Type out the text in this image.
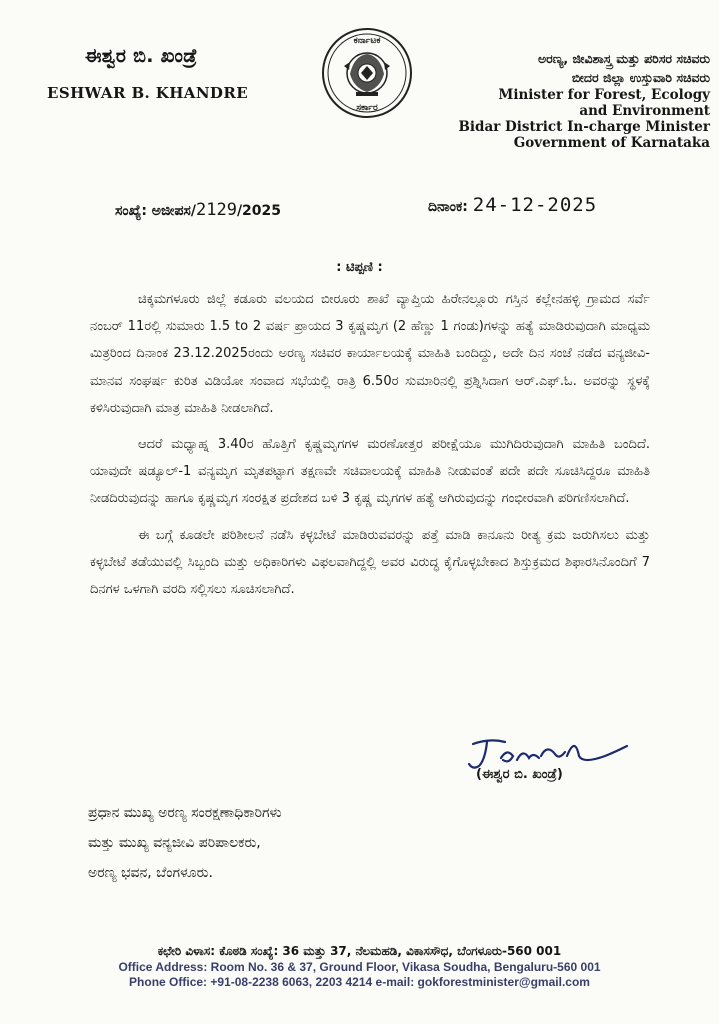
ಈಶ್ವರ ಬಿ. ಖಂಡ್ರೆ
ESHWAR B. KHANDRE
ಕರ್ನಾಟಕ
ಸರ್ಕಾರ
ಅರಣ್ಯ, ಜೀವಿಶಾಸ್ತ್ರ ಮತ್ತು ಪರಿಸರ ಸಚಿವರು
ಬೀದರ ಜಿಲ್ಲಾ ಉಸ್ತುವಾರಿ ಸಚಿವರು
Minister for Forest, Ecology
and Environment
Bidar District In-charge Minister
Government of Karnataka
ಸಂಖ್ಯೆ: ಅಜೀಪಸ/2129/2025	ದಿನಾಂಕ: 24-12-2025
: ಟಿಪ್ಪಣಿ :

ಚಿಕ್ಕಮಗಳೂರು ಜಿಲ್ಲೆ ಕಡೂರು ವಲಯದ ಬೀರೂರು ಶಾಖೆ ವ್ಯಾಪ್ತಿಯ ಹಿರೇನಲ್ಲೂರು ಗಸ್ತಿನ ಕಲ್ಲೇನಹಳ್ಳಿ ಗ್ರಾಮದ ಸರ್ವೆ ನಂಬರ್ 11ರಲ್ಲಿ ಸುಮಾರು 1.5 to 2 ವರ್ಷ ಪ್ರಾಯದ 3 ಕೃಷ್ಣಮೃಗ (2 ಹೆಣ್ಣು 1 ಗಂಡು)ಗಳನ್ನು ಹತ್ಯೆ ಮಾಡಿರುವುದಾಗಿ ಮಾಧ್ಯಮ ಮಿತ್ರರಿಂದ ದಿನಾಂಕ 23.12.2025ರಂದು ಅರಣ್ಯ ಸಚಿವರ ಕಾರ್ಯಾಲಯಕ್ಕೆ ಮಾಹಿತಿ ಬಂದಿದ್ದು, ಅದೇ ದಿನ ಸಂಜೆ ನಡೆದ ವನ್ಯಜೀವಿ-ಮಾನವ ಸಂಘರ್ಷ ಕುರಿತ ವಿಡಿಯೋ ಸಂವಾದ ಸಭೆಯಲ್ಲಿ ರಾತ್ರಿ 6.50ರ ಸುಮಾರಿನಲ್ಲಿ ಪ್ರಶ್ನಿಸಿದಾಗ ಆರ್.ಎಫ್.ಓ. ಅವರನ್ನು ಸ್ಥಳಕ್ಕೆ ಕಳಿಸಿರುವುದಾಗಿ ಮಾತ್ರ ಮಾಹಿತಿ ನೀಡಲಾಗಿದೆ.

ಆದರೆ ಮಧ್ಯಾಹ್ನ 3.40ರ ಹೊತ್ತಿಗೆ ಕೃಷ್ಣಮೃಗಗಳ ಮರಣೋತ್ತರ ಪರೀಕ್ಷೆಯೂ ಮುಗಿದಿರುವುದಾಗಿ ಮಾಹಿತಿ ಬಂದಿದೆ. ಯಾವುದೇ ಷಡ್ಯೂಲ್-1 ವನ್ಯಮೃಗ ಮೃತಪಟ್ಟಾಗ ತಕ್ಷಣವೇ ಸಚಿವಾಲಯಕ್ಕೆ ಮಾಹಿತಿ ನೀಡುವಂತೆ ಪದೇ ಪದೇ ಸೂಚಿಸಿದ್ದರೂ ಮಾಹಿತಿ ನೀಡದಿರುವುದನ್ನು ಹಾಗೂ ಕೃಷ್ಣಮೃಗ ಸಂರಕ್ಷಿತ ಪ್ರದೇಶದ ಬಳಿ 3 ಕೃಷ್ಣ ಮೃಗಗಳ ಹತ್ಯೆ ಆಗಿರುವುದನ್ನು ಗಂಭೀರವಾಗಿ ಪರಿಗಣಿಸಲಾಗಿದೆ.

ಈ ಬಗ್ಗೆ ಕೂಡಲೇ ಪರಿಶೀಲನೆ ನಡೆಸಿ ಕಳ್ಳಬೇಟೆ ಮಾಡಿರುವವರನ್ನು ಪತ್ತೆ ಮಾಡಿ ಕಾನೂನು ರೀತ್ಯ ಕ್ರಮ ಜರುಗಿಸಲು ಮತ್ತು ಕಳ್ಳಬೇಟೆ ತಡೆಯುವಲ್ಲಿ ಸಿಬ್ಬಂದಿ ಮತ್ತು ಅಧಿಕಾರಿಗಳು ವಿಫಲವಾಗಿದ್ದಲ್ಲಿ ಅವರ ವಿರುದ್ಧ ಕೈಗೊಳ್ಳಬೇಕಾದ ಶಿಸ್ತುಕ್ರಮದ ಶಿಫಾರಸಿನೊಂದಿಗೆ 7 ದಿನಗಳ ಒಳಗಾಗಿ ವರದಿ ಸಲ್ಲಿಸಲು ಸೂಚಿಸಲಾಗಿದೆ.

(ಈಶ್ವರ ಬಿ. ಖಂಡ್ರೆ)
ಪ್ರಧಾನ ಮುಖ್ಯ ಅರಣ್ಯ ಸಂರಕ್ಷಣಾಧಿಕಾರಿಗಳು
ಮತ್ತು ಮುಖ್ಯ ವನ್ಯಜೀವಿ ಪರಿಪಾಲಕರು,
ಅರಣ್ಯ ಭವನ, ಬೆಂಗಳೂರು.
ಕಛೇರಿ ವಿಳಾಸ: ಕೊಠಡಿ ಸಂಖ್ಯೆ: 36 ಮತ್ತು 37, ನೆಲಮಹಡಿ, ವಿಕಾಸಸೌಧ, ಬೆಂಗಳೂರು-560 001
Office Address: Room No. 36 & 37, Ground Floor, Vikasa Soudha, Bengaluru-560 001
Phone Office: +91-08-2238 6063, 2203 4214 e-mail: gokforestminister@gmail.com
